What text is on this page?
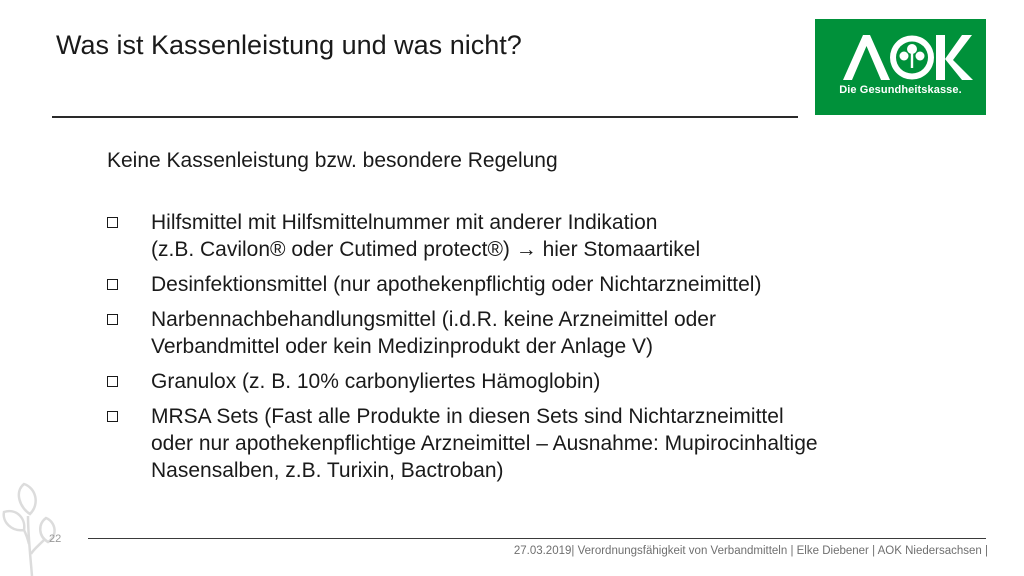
Was ist Kassenleistung und was nicht?
Die Gesundheitskasse.
Keine Kassenleistung bzw. besondere Regelung
Hilfsmittel mit Hilfsmittelnummer mit anderer Indikation
(z.B. Cavilon® oder Cutimed protect®) → hier Stomaartikel
Desinfektionsmittel (nur apothekenpflichtig oder Nichtarzneimittel)
Narbennachbehandlungsmittel (i.d.R. keine Arzneimittel oder
Verbandmittel oder kein Medizinprodukt der Anlage V)
Granulox (z. B. 10% carbonyliertes Hämoglobin)
MRSA Sets (Fast alle Produkte in diesen Sets sind Nichtarzneimittel
oder nur apothekenpflichtige Arzneimittel – Ausnahme: Mupirocinhaltige
Nasensalben, z.B. Turixin, Bactroban)
22
27.03.2019| Verordnungsfähigkeit von Verbandmitteln | Elke Diebener | AOK Niedersachsen |
